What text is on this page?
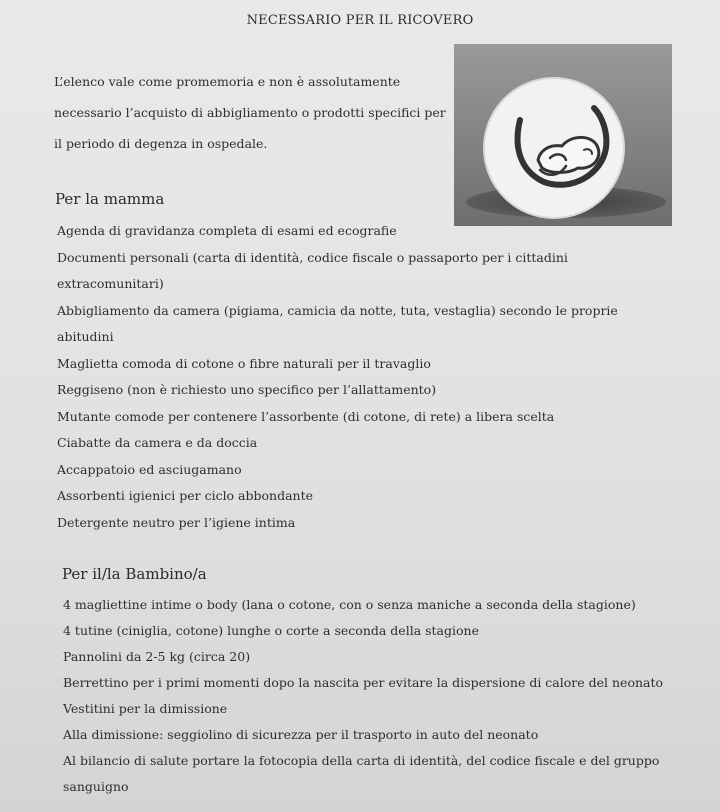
NECESSARIO PER IL RICOVERO
L’elenco vale come promemoria e non è assolutamente
necessario l’acquisto di abbigliamento o prodotti specifici per
il periodo di degenza in ospedale.
Per la mamma
Agenda di gravidanza completa di esami ed ecografie
Documenti personali (carta di identità, codice fiscale o passaporto per i cittadini
extracomunitari)
Abbigliamento da camera (pigiama, camicia da notte, tuta, vestaglia) secondo le proprie
abitudini
Maglietta comoda di cotone o fibre naturali per il travaglio
Reggiseno (non è richiesto uno specifico per l’allattamento)
Mutante comode per contenere l’assorbente (di cotone, di rete) a libera scelta
Ciabatte da camera e da doccia
Accappatoio ed asciugamano
Assorbenti igienici per ciclo abbondante
Detergente neutro per l’igiene intima
Per il/la Bambino/a
4 magliettine intime o body (lana o cotone, con o senza maniche a seconda della stagione)
4 tutine (ciniglia, cotone) lunghe o corte a seconda della stagione
Pannolini da 2-5 kg (circa 20)
Berrettino per i primi momenti dopo la nascita per evitare la dispersione di calore del neonato
Vestitini per la dimissione
Alla dimissione: seggiolino di sicurezza per il trasporto in auto del neonato
Al bilancio di salute portare la fotocopia della carta di identità, del codice fiscale e del gruppo
sanguigno
